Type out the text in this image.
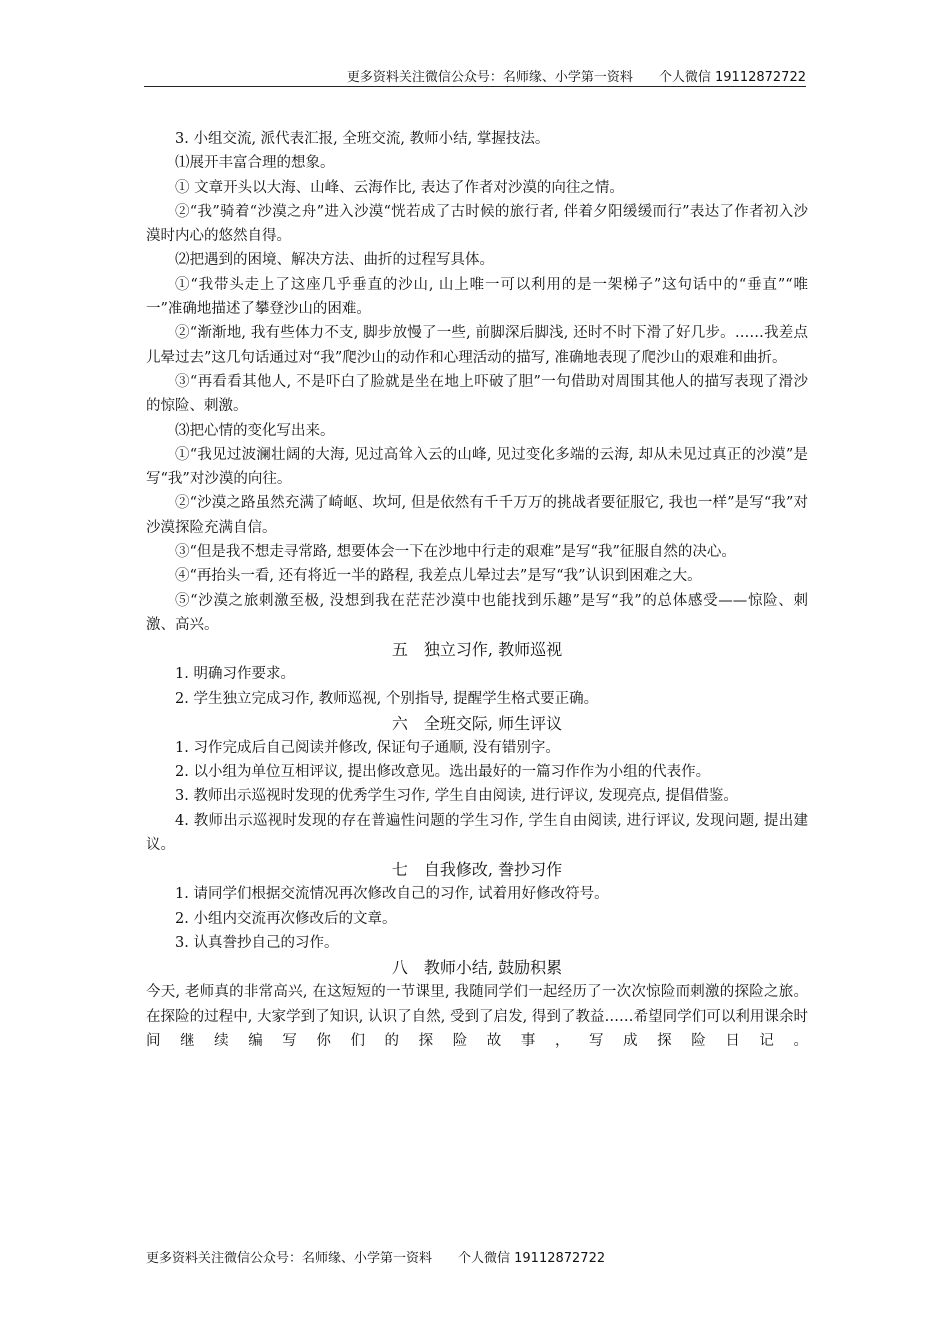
更多资料关注微信公众号：名师缘、小学第一资料　　个人微信 19112872722

3. 小组交流, 派代表汇报, 全班交流, 教师小结, 掌握技法。

⑴展开丰富合理的想象。

① 文章开头以大海、山峰、云海作比, 表达了作者对沙漠的向往之情。

②“我”骑着“沙漠之舟”进入沙漠“恍若成了古时候的旅行者, 伴着夕阳缓缓而行”表达了作者初入沙漠时内心的悠然自得。

⑵把遇到的困境、解决方法、曲折的过程写具体。

①“我带头走上了这座几乎垂直的沙山, 山上唯一可以利用的是一架梯子”这句话中的“垂直”“唯一”准确地描述了攀登沙山的困难。

②“渐渐地, 我有些体力不支, 脚步放慢了一些, 前脚深后脚浅, 还时不时下滑了好几步。……我差点儿晕过去”这几句话通过对“我”爬沙山的动作和心理活动的描写, 准确地表现了爬沙山的艰难和曲折。

③“再看看其他人, 不是吓白了脸就是坐在地上吓破了胆”一句借助对周围其他人的描写表现了滑沙的惊险、刺激。

⑶把心情的变化写出来。

①“我见过波澜壮阔的大海, 见过高耸入云的山峰, 见过变化多端的云海, 却从未见过真正的沙漠”是写“我”对沙漠的向往。

②“沙漠之路虽然充满了崎岖、坎坷, 但是依然有千千万万的挑战者要征服它, 我也一样”是写“我”对沙漠探险充满自信。

③“但是我不想走寻常路, 想要体会一下在沙地中行走的艰难”是写“我”征服自然的决心。

④“再抬头一看, 还有将近一半的路程, 我差点儿晕过去”是写“我”认识到困难之大。

⑤“沙漠之旅刺激至极, 没想到我在茫茫沙漠中也能找到乐趣”是写“我”的总体感受——惊险、刺激、高兴。

五　独立习作, 教师巡视

1. 明确习作要求。

2. 学生独立完成习作, 教师巡视, 个别指导, 提醒学生格式要正确。

六　全班交际, 师生评议

1. 习作完成后自己阅读并修改, 保证句子通顺, 没有错别字。

2. 以小组为单位互相评议, 提出修改意见。选出最好的一篇习作作为小组的代表作。

3. 教师出示巡视时发现的优秀学生习作, 学生自由阅读, 进行评议, 发现亮点, 提倡借鉴。

4. 教师出示巡视时发现的存在普遍性问题的学生习作, 学生自由阅读, 进行评议, 发现问题, 提出建议。

七　自我修改, 誊抄习作

1. 请同学们根据交流情况再次修改自己的习作, 试着用好修改符号。

2. 小组内交流再次修改后的文章。

3. 认真誊抄自己的习作。

八　教师小结, 鼓励积累

今天, 老师真的非常高兴, 在这短短的一节课里, 我随同学们一起经历了一次次惊险而刺激的探险之旅。在探险的过程中, 大家学到了知识, 认识了自然, 受到了启发, 得到了教益……希望同学们可以利用课余时间继续编写你们的探险故事，写成探险日记。

更多资料关注微信公众号：名师缘、小学第一资料　　个人微信 19112872722
